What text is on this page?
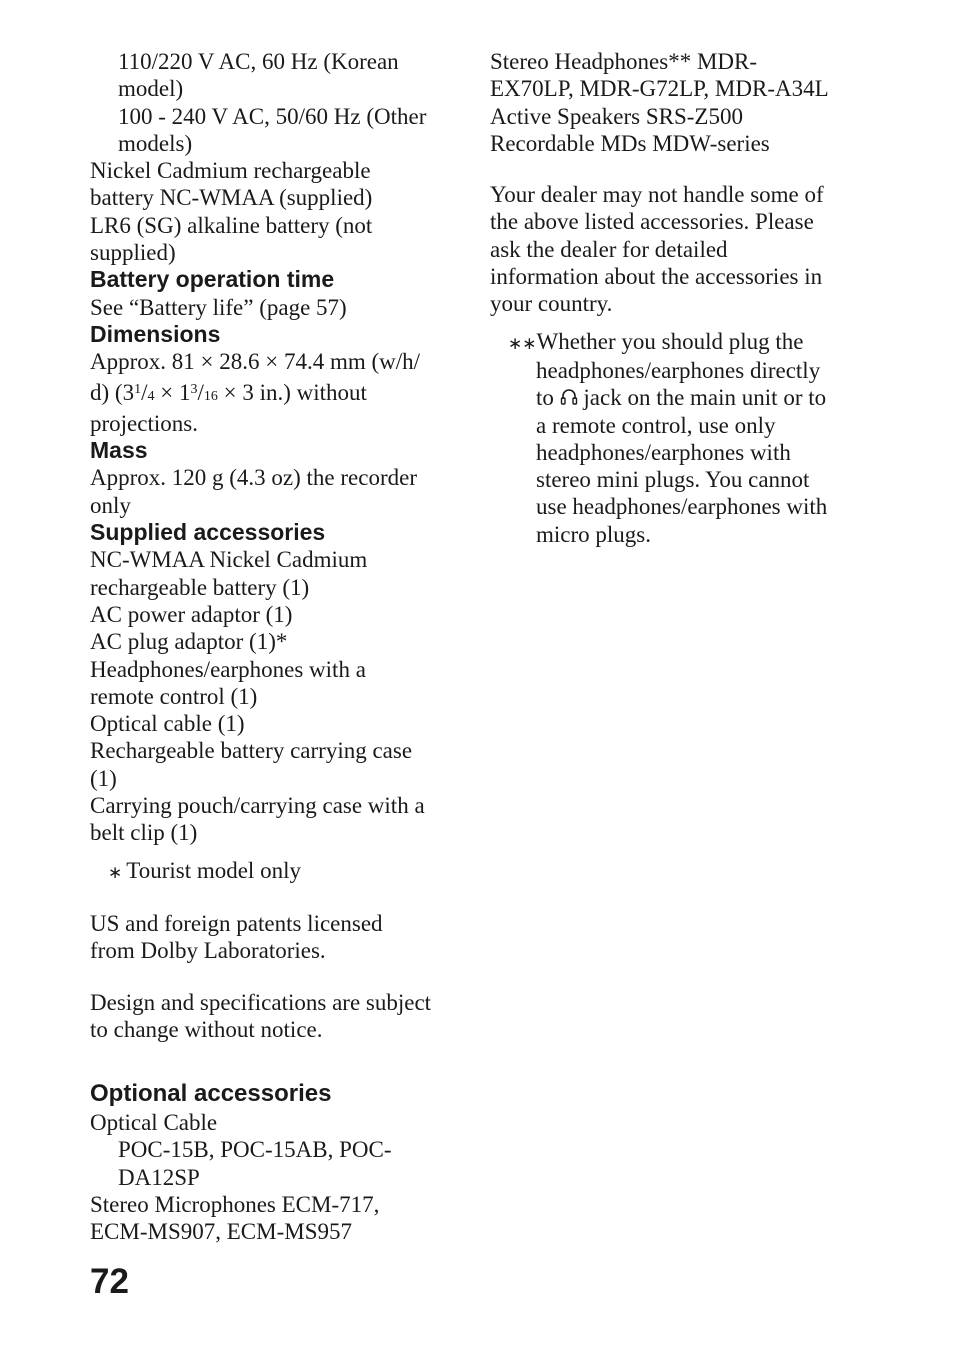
110/220 V AC, 60 Hz (Korean
model)
100 - 240 V AC, 50/60 Hz (Other
models)
Nickel Cadmium rechargeable
battery NC-WMAA (supplied)
LR6 (SG) alkaline battery (not
supplied)
Battery operation time
See “Battery life” (page 57)
Dimensions
Approx. 81 × 28.6 × 74.4 mm (w/h/
d) ($3^1/4 \times 1^3/16 \times 3$ in.) without
projections.
Mass
Approx. 120 g (4.3 oz) the recorder
only
Supplied accessories
NC-WMAA Nickel Cadmium
rechargeable battery (1)
AC power adaptor (1)
AC plug adaptor (1)*
Headphones/earphones with a
remote control (1)
Optical cable (1)
Rechargeable battery carrying case
(1)
Carrying pouch/carrying case with a
belt clip (1)
∗ Tourist model only
US and foreign patents licensed
from Dolby Laboratories.
Design and specifications are subject
to change without notice.
Optional accessories
Optical Cable
POC-15B, POC-15AB, POC-
DA12SP
Stereo Microphones ECM-717,
ECM-MS907, ECM-MS957
Stereo Headphones** MDR-
EX70LP, MDR-G72LP, MDR-A34L
Active Speakers SRS-Z500
Recordable MDs MDW-series
Your dealer may not handle some of
the above listed accessories. Please
ask the dealer for detailed
information about the accessories in
your country.
∗∗Whether you should plug the
headphones/earphones directly
to jack on the main unit or to
a remote control, use only
headphones/earphones with
stereo mini plugs. You cannot
use headphones/earphones with
micro plugs.
72
